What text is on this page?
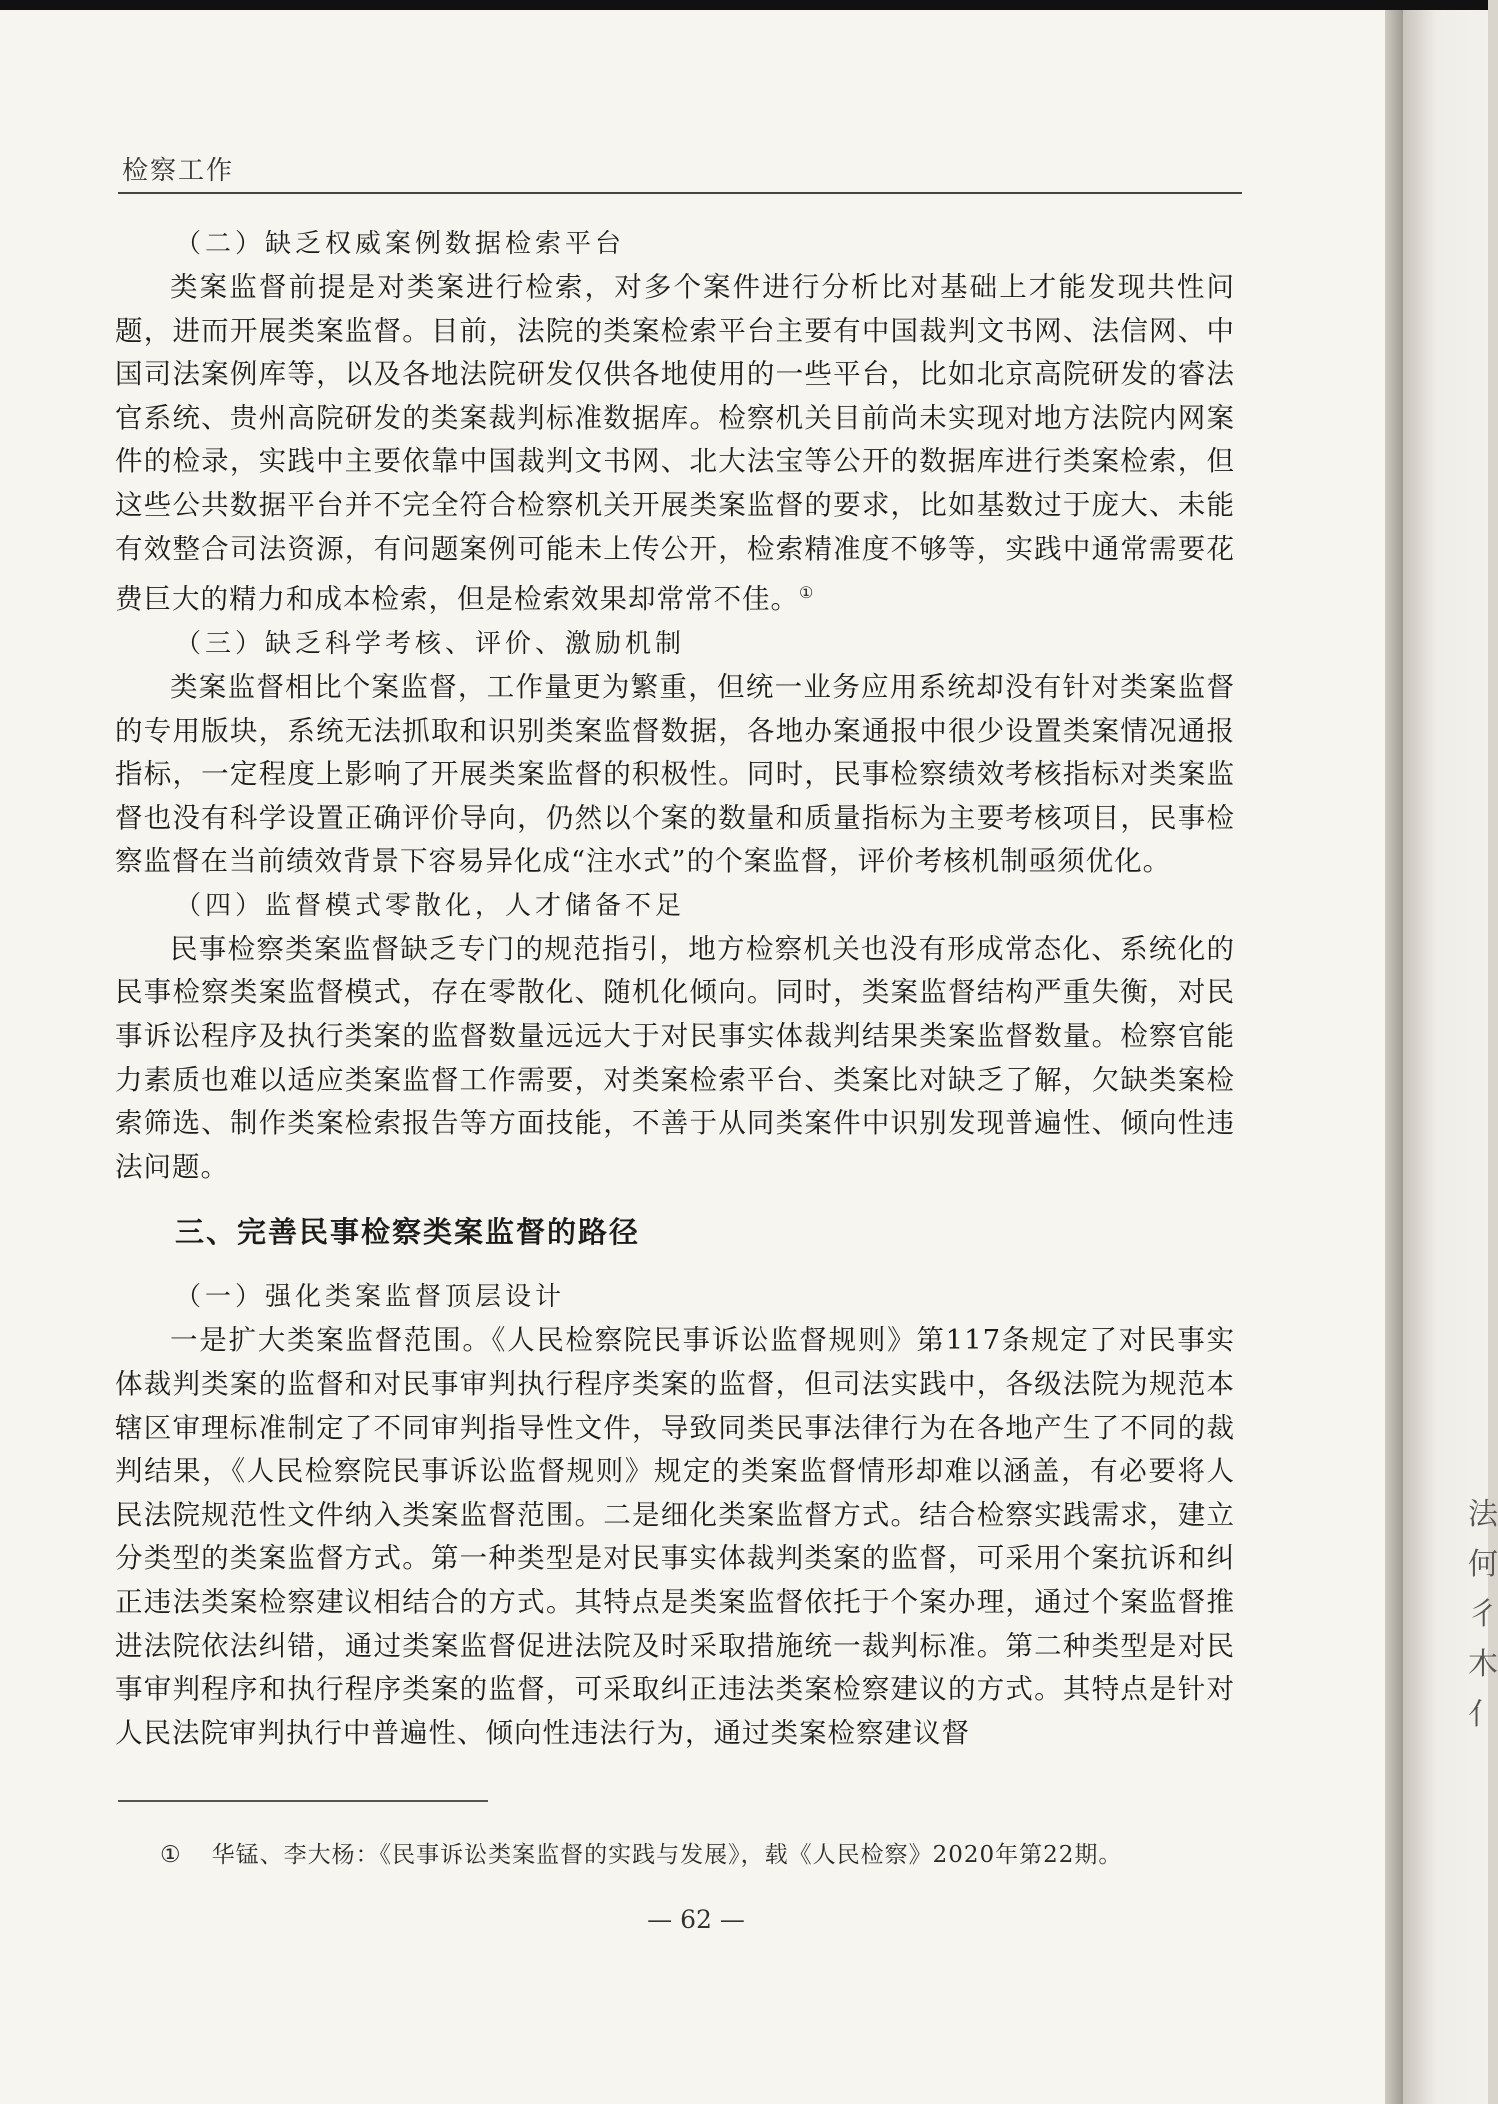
法
何
彳
木
亻
检察工作
（二）缺乏权威案例数据检索平台

类案监督前提是对类案进行检索，对多个案件进行分析比对基础上才能发现共性问题，进而开展类案监督。目前，法院的类案检索平台主要有中国裁判文书网、法信网、中国司法案例库等，以及各地法院研发仅供各地使用的一些平台，比如北京高院研发的睿法官系统、贵州高院研发的类案裁判标准数据库。检察机关目前尚未实现对地方法院内网案件的检录，实践中主要依靠中国裁判文书网、北大法宝等公开的数据库进行类案检索，但这些公共数据平台并不完全符合检察机关开展类案监督的要求，比如基数过于庞大、未能有效整合司法资源，有问题案例可能未上传公开，检索精准度不够等，实践中通常需要花费巨大的精力和成本检索，但是检索效果却常常不佳。①

（三）缺乏科学考核、评价、激励机制

类案监督相比个案监督，工作量更为繁重，但统一业务应用系统却没有针对类案监督的专用版块，系统无法抓取和识别类案监督数据，各地办案通报中很少设置类案情况通报指标，一定程度上影响了开展类案监督的积极性。同时，民事检察绩效考核指标对类案监督也没有科学设置正确评价导向，仍然以个案的数量和质量指标为主要考核项目，民事检察监督在当前绩效背景下容易异化成“注水式”的个案监督，评价考核机制亟须优化。

（四）监督模式零散化，人才储备不足

民事检察类案监督缺乏专门的规范指引，地方检察机关也没有形成常态化、系统化的民事检察类案监督模式，存在零散化、随机化倾向。同时，类案监督结构严重失衡，对民事诉讼程序及执行类案的监督数量远远大于对民事实体裁判结果类案监督数量。检察官能力素质也难以适应类案监督工作需要，对类案检索平台、类案比对缺乏了解，欠缺类案检索筛选、制作类案检索报告等方面技能，不善于从同类案件中识别发现普遍性、倾向性违法问题。

三、完善民事检察类案监督的路径
（一）强化类案监督顶层设计

一是扩大类案监督范围。《人民检察院民事诉讼监督规则》第117条规定了对民事实体裁判类案的监督和对民事审判执行程序类案的监督，但司法实践中，各级法院为规范本辖区审理标准制定了不同审判指导性文件，导致同类民事法律行为在各地产生了不同的裁判结果，《人民检察院民事诉讼监督规则》规定的类案监督情形却难以涵盖，有必要将人民法院规范性文件纳入类案监督范围。二是细化类案监督方式。结合检察实践需求，建立分类型的类案监督方式。第一种类型是对民事实体裁判类案的监督，可采用个案抗诉和纠正违法类案检察建议相结合的方式。其特点是类案监督依托于个案办理，通过个案监督推进法院依法纠错，通过类案监督促进法院及时采取措施统一裁判标准。第二种类型是对民事审判程序和执行程序类案的监督，可采取纠正违法类案检察建议的方式。其特点是针对人民法院审判执行中普遍性、倾向性违法行为，通过类案检察建议督

① 华锰、李大杨：《民事诉讼类案监督的实践与发展》，载《人民检察》2020年第22期。
— 62 —
